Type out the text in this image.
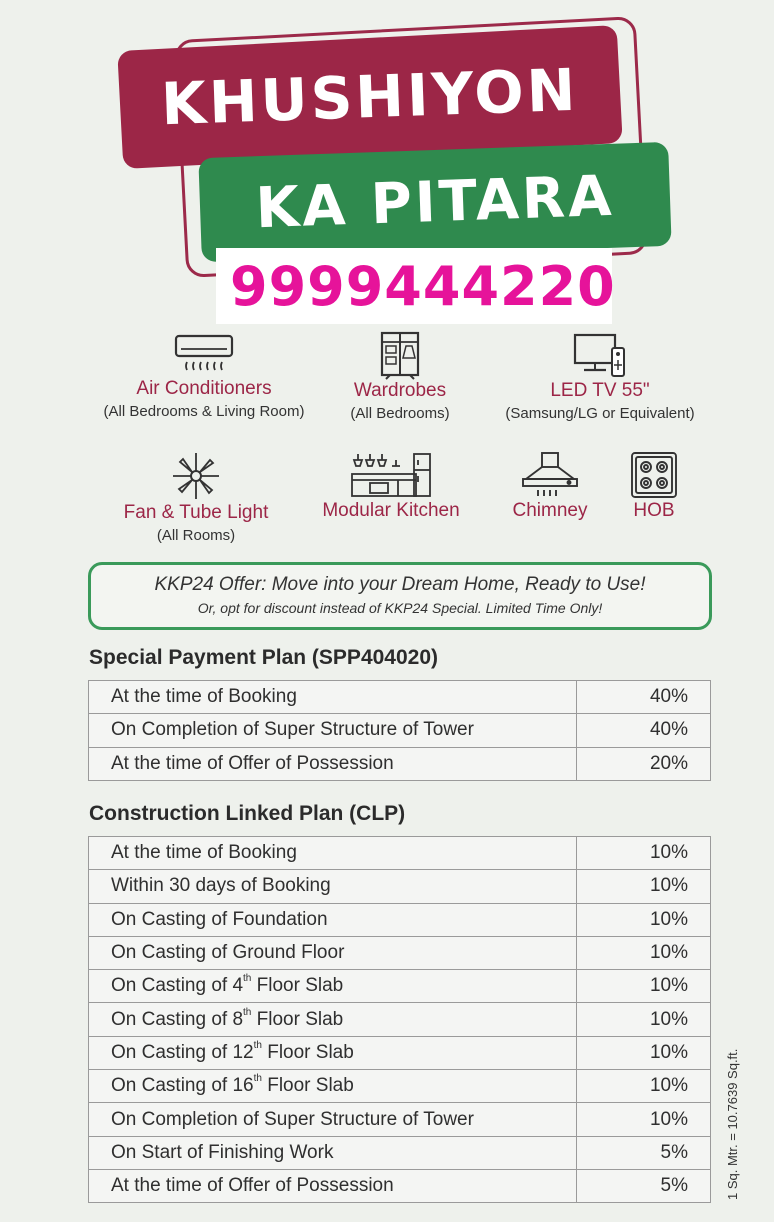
KHUSHIYON
KA PITARA
9999444220
Air Conditioners
(All Bedrooms & Living Room)
Wardrobes
(All Bedrooms)
LED TV 55"
(Samsung/LG or Equivalent)
Fan & Tube Light
(All Rooms)
Modular Kitchen	Chimney	HOB
KKP24 Offer: Move into your Dream Home, Ready to Use!
Or, opt for discount instead of KKP24 Special. Limited Time Only!
Special Payment Plan (SPP404020)
At the time of Booking	40%
On Completion of Super Structure of Tower	40%
At the time of Offer of Possession	20%
Construction Linked Plan (CLP)
At the time of Booking	10%
Within 30 days of Booking	10%
On Casting of Foundation	10%
On Casting of Ground Floor	10%
On Casting of 4th Floor Slab	10%
On Casting of 8th Floor Slab	10%
On Casting of 12th Floor Slab	10%
On Casting of 16th Floor Slab	10%
On Completion of Super Structure of Tower	10%
On Start of Finishing Work	5%
At the time of Offer of Possession	5%	1 Sq. Mtr. = 10.7639 Sq.ft.
